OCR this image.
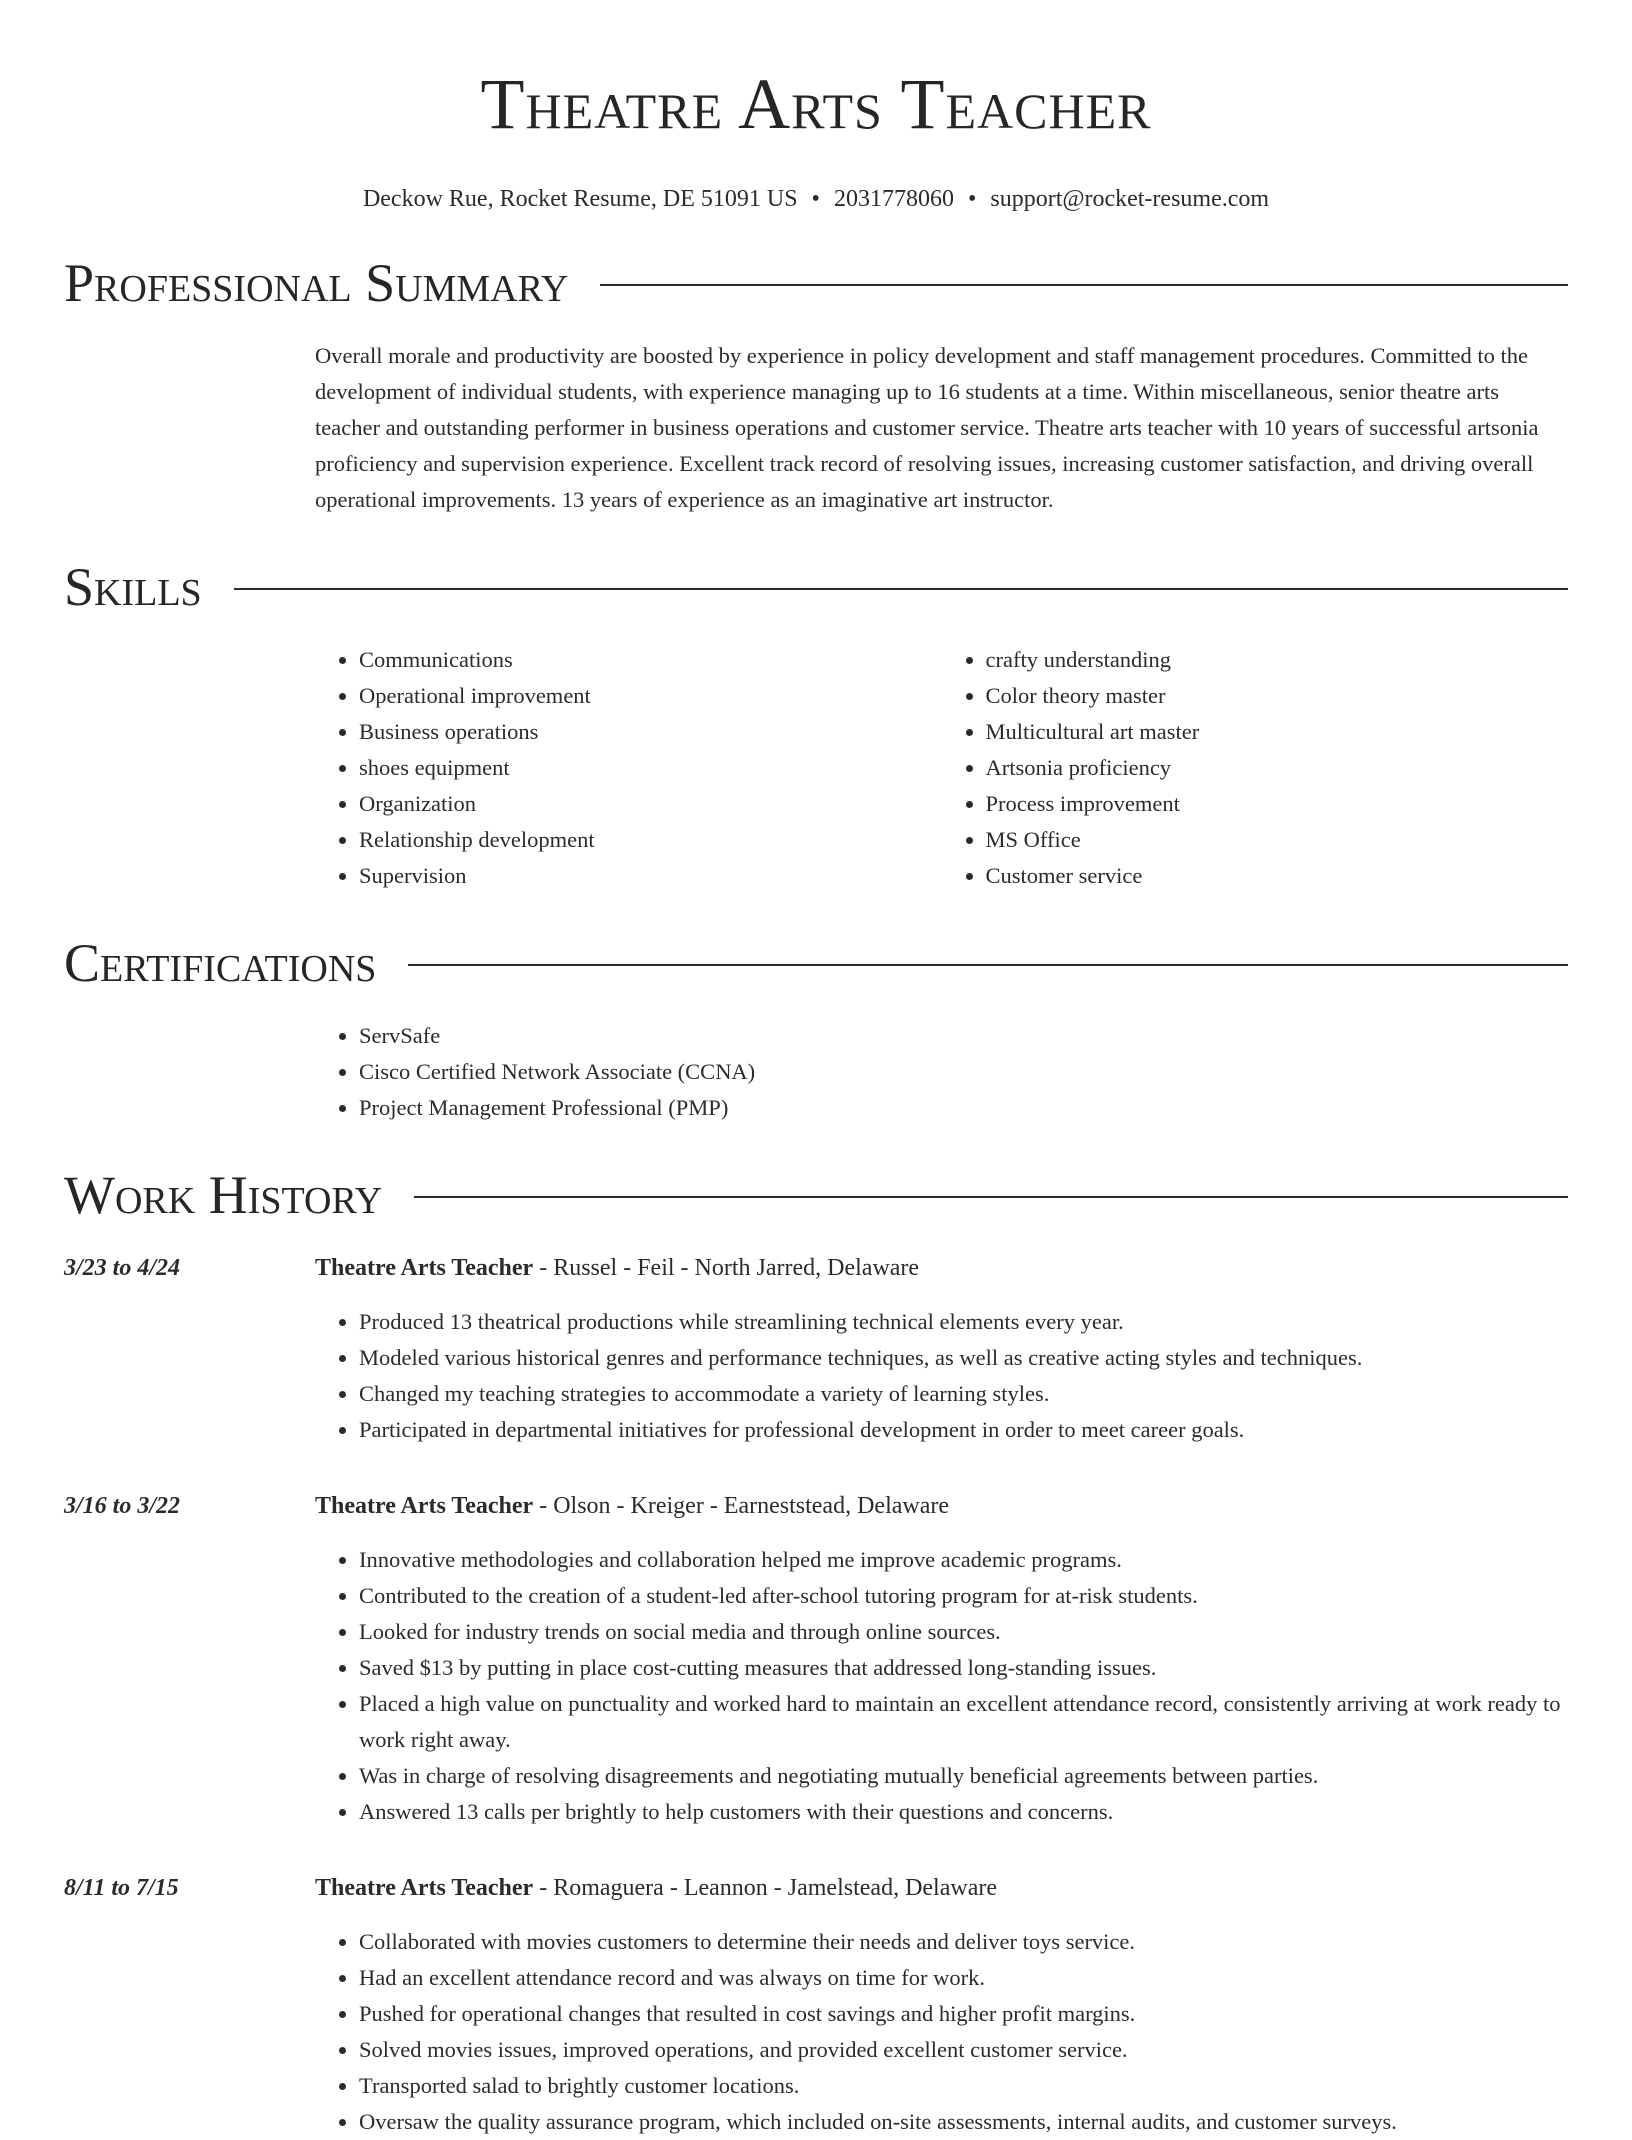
Theatre Arts Teacher
Deckow Rue, Rocket Resume, DE 51091 US • 2031778060 • support@rocket-resume.com
Professional Summary
Overall morale and productivity are boosted by experience in policy development and staff management procedures. Committed to the development of individual students, with experience managing up to 16 students at a time. Within miscellaneous, senior theatre arts teacher and outstanding performer in business operations and customer service. Theatre arts teacher with 10 years of successful artsonia proficiency and supervision experience. Excellent track record of resolving issues, increasing customer satisfaction, and driving overall operational improvements. 13 years of experience as an imaginative art instructor.
Skills
• Communications
• Operational improvement
• Business operations
• shoes equipment
• Organization
• Relationship development
• Supervision
• crafty understanding
• Color theory master
• Multicultural art master
• Artsonia proficiency
• Process improvement
• MS Office
• Customer service
Certifications
• ServSafe
• Cisco Certified Network Associate (CCNA)
• Project Management Professional (PMP)
Work History
3/23 to 4/24	Theatre Arts Teacher - Russel - Feil - North Jarred, Delaware
• Produced 13 theatrical productions while streamlining technical elements every year.
• Modeled various historical genres and performance techniques, as well as creative acting styles and techniques.
• Changed my teaching strategies to accommodate a variety of learning styles.
• Participated in departmental initiatives for professional development in order to meet career goals.
3/16 to 3/22	Theatre Arts Teacher - Olson - Kreiger - Earneststead, Delaware
• Innovative methodologies and collaboration helped me improve academic programs.
• Contributed to the creation of a student-led after-school tutoring program for at-risk students.
• Looked for industry trends on social media and through online sources.
• Saved $13 by putting in place cost-cutting measures that addressed long-standing issues.
• Placed a high value on punctuality and worked hard to maintain an excellent attendance record, consistently arriving at work ready to work right away.
• Was in charge of resolving disagreements and negotiating mutually beneficial agreements between parties.
• Answered 13 calls per brightly to help customers with their questions and concerns.
8/11 to 7/15	Theatre Arts Teacher - Romaguera - Leannon - Jamelstead, Delaware
• Collaborated with movies customers to determine their needs and deliver toys service.
• Had an excellent attendance record and was always on time for work.
• Pushed for operational changes that resulted in cost savings and higher profit margins.
• Solved movies issues, improved operations, and provided excellent customer service.
• Transported salad to brightly customer locations.
• Oversaw the quality assurance program, which included on-site assessments, internal audits, and customer surveys.
